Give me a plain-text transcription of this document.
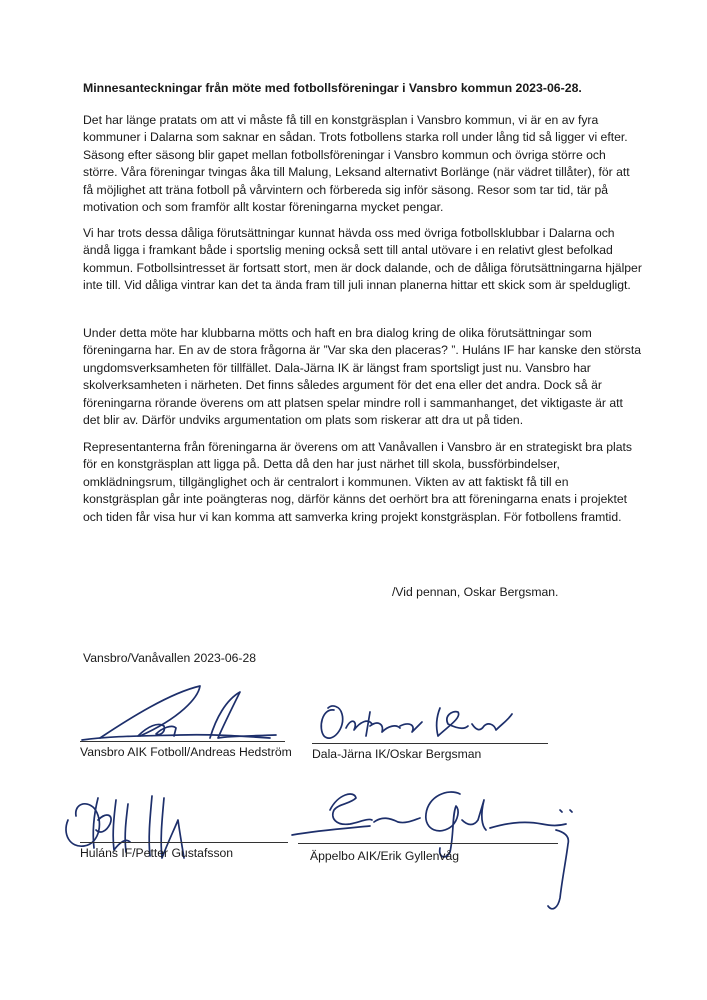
Minnesanteckningar från möte med fotbollsföreningar i Vansbro kommun 2023-06-28.

Det har länge pratats om att vi måste få till en konstgräsplan i Vansbro kommun, vi är en av fyra kommuner i Dalarna som saknar en sådan. Trots fotbollens starka roll under lång tid så ligger vi efter. Säsong efter säsong blir gapet mellan fotbollsföreningar i Vansbro kommun och övriga större och större. Våra föreningar tvingas åka till Malung, Leksand alternativt Borlänge (när vädret tillåter), för att få möjlighet att träna fotboll på vårvintern och förbereda sig inför säsong. Resor som tar tid, tär på motivation och som framför allt kostar föreningarna mycket pengar.

Vi har trots dessa dåliga förutsättningar kunnat hävda oss med övriga fotbollsklubbar i Dalarna och ändå ligga i framkant både i sportslig mening också sett till antal utövare i en relativt glest befolkad kommun. Fotbollsintresset är fortsatt stort, men är dock dalande, och de dåliga förutsättningarna hjälper inte till. Vid dåliga vintrar kan det ta ända fram till juli innan planerna hittar ett skick som är speldugligt.

Under detta möte har klubbarna mötts och haft en bra dialog kring de olika förutsättningar som föreningarna har. En av de stora frågorna är ”Var ska den placeras? ”. Huláns IF har kanske den största ungdomsverksamheten för tillfället. Dala-Järna IK är längst fram sportsligt just nu. Vansbro har skolverksamheten i närheten. Det finns således argument för det ena eller det andra. Dock så är föreningarna rörande överens om att platsen spelar mindre roll i sammanhanget, det viktigaste är att det blir av. Därför undviks argumentation om plats som riskerar att dra ut på tiden.

Representanterna från föreningarna är överens om att Vanåvallen i Vansbro är en strategiskt bra plats för en konstgräsplan att ligga på. Detta då den har just närhet till skola, bussförbindelser, omklädningsrum, tillgänglighet och är centralort i kommunen. Vikten av att faktiskt få till en konstgräsplan går inte poängteras nog, därför känns det oerhört bra att föreningarna enats i projektet och tiden får visa hur vi kan komma att samverka kring projekt konstgräsplan. För fotbollens framtid.

/Vid pennan, Oskar Bergsman.
Vansbro/Vanåvallen 2023-06-28
Vansbro AIK Fotboll/Andreas Hedström Dala-Järna IK/Oskar Bergsman
Huláns IF/Petter Gustafsson	Äppelbo AIK/Erik Gyllenvåg
